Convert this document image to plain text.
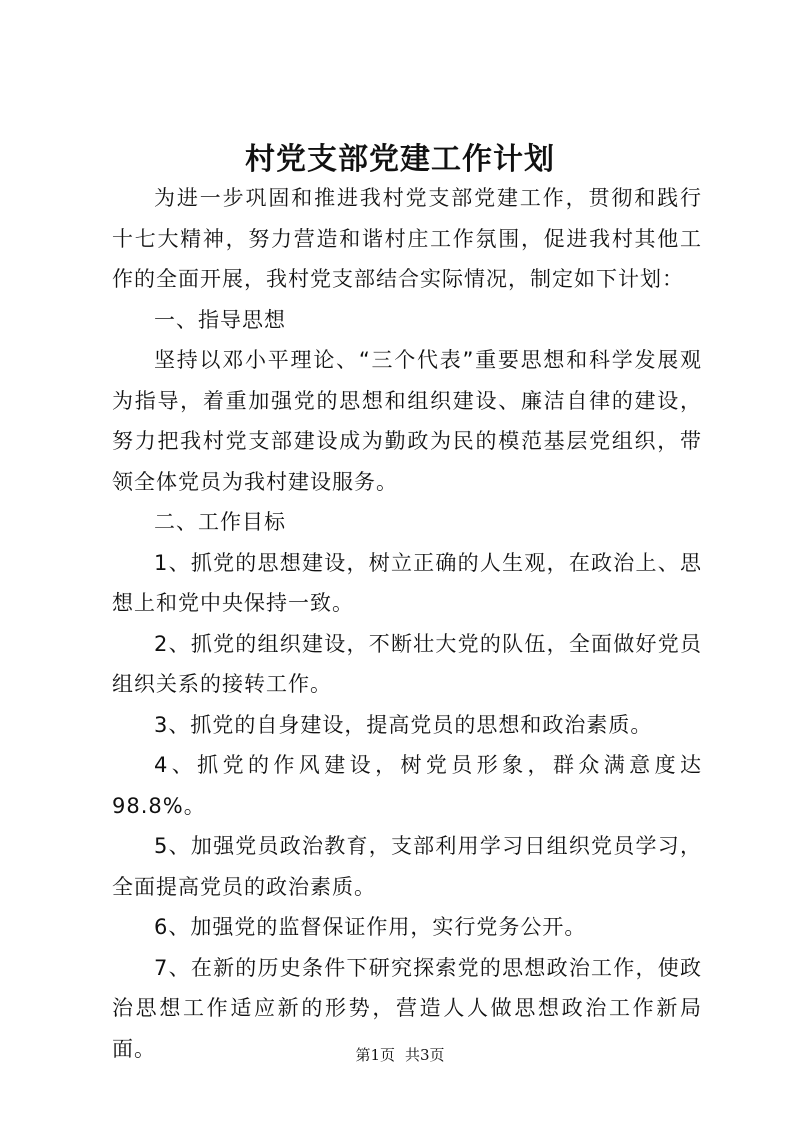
村党支部党建工作计划

为进一步巩固和推进我村党支部党建工作，贯彻和践行十七大精神，努力营造和谐村庄工作氛围，促进我村其他工作的全面开展，我村党支部结合实际情况，制定如下计划：

一、指导思想

坚持以邓小平理论、“三个代表”重要思想和科学发展观为指导，着重加强党的思想和组织建设、廉洁自律的建设，努力把我村党支部建设成为勤政为民的模范基层党组织，带领全体党员为我村建设服务。

二、工作目标

1、抓党的思想建设，树立正确的人生观，在政治上、思想上和党中央保持一致。

2、抓党的组织建设，不断壮大党的队伍，全面做好党员组织关系的接转工作。

3、抓党的自身建设，提高党员的思想和政治素质。

4、抓党的作风建设，树党员形象，群众满意度达98.8%。

5、加强党员政治教育，支部利用学习日组织党员学习，全面提高党员的政治素质。

6、加强党的监督保证作用，实行党务公开。

7、在新的历史条件下研究探索党的思想政治工作，使政治思想工作适应新的形势，营造人人做思想政治工作新局面。	第1页 共3页
